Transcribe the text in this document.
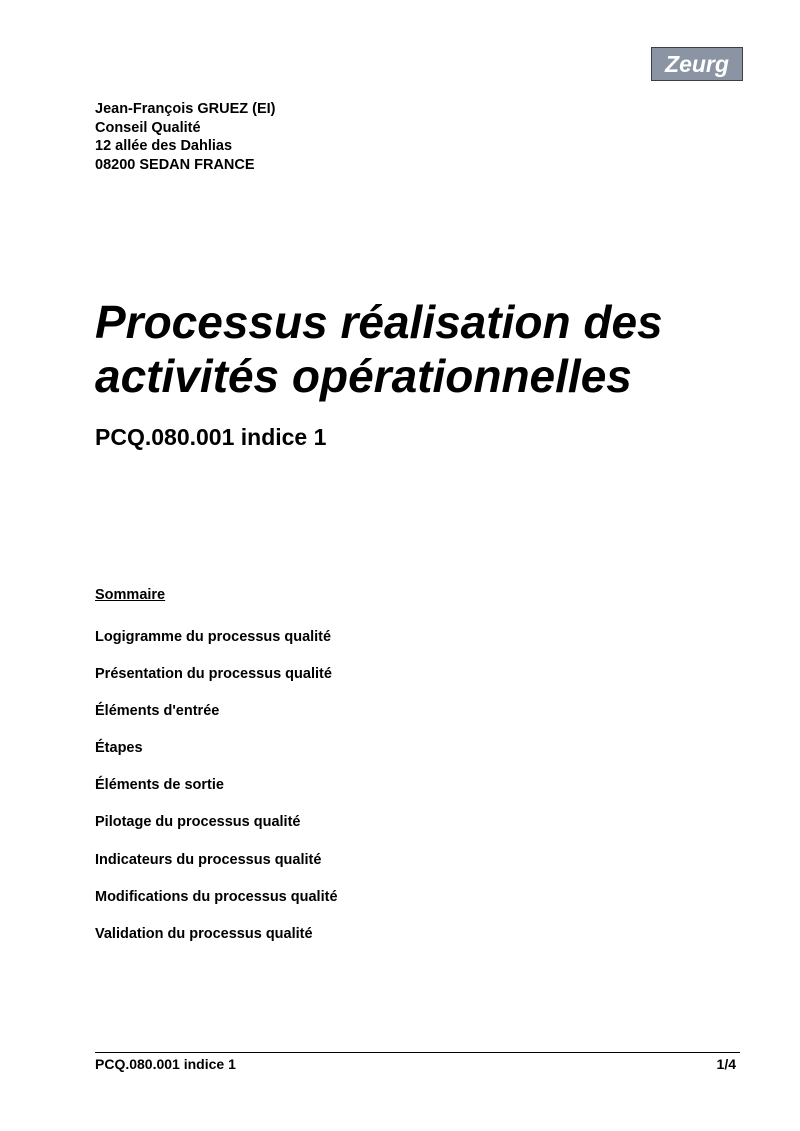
Zeurg
Jean-François GRUEZ (EI)
Conseil Qualité
12 allée des Dahlias
08200 SEDAN FRANCE
Processus réalisation des
activités opérationnelles
PCQ.080.001 indice 1
Sommaire
Logigramme du processus qualité
Présentation du processus qualité
Éléments d'entrée
Étapes
Éléments de sortie
Pilotage du processus qualité
Indicateurs du processus qualité
Modifications du processus qualité
Validation du processus qualité
PCQ.080.001 indice 1	1/4
